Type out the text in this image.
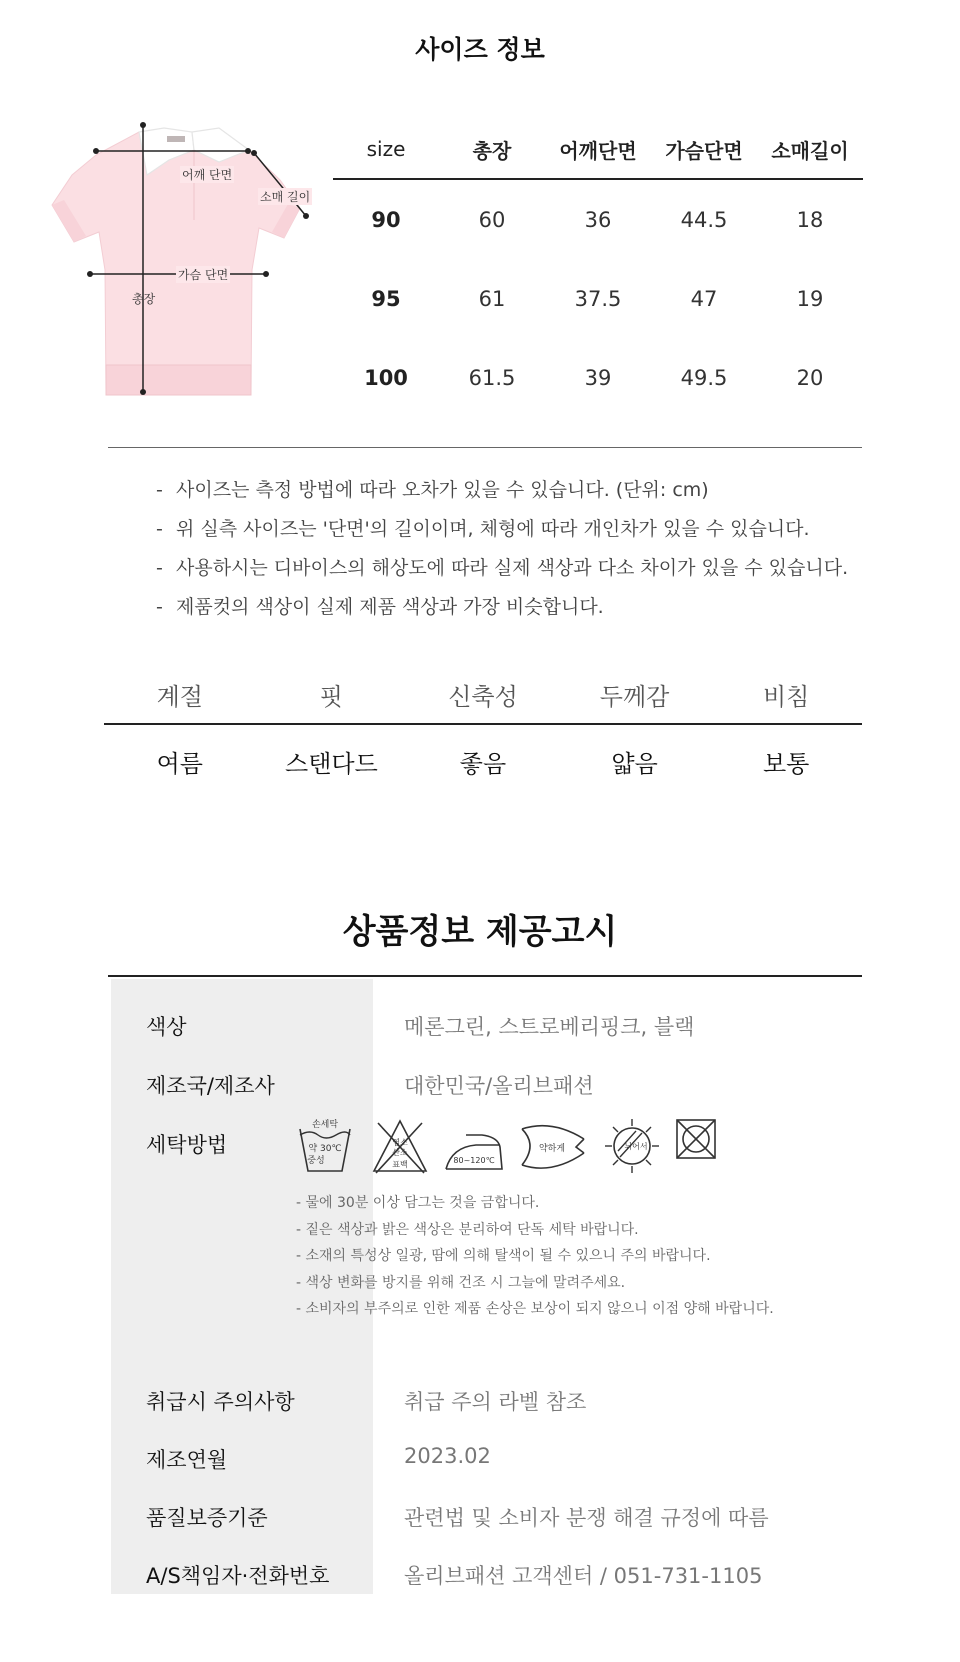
사이즈 정보
어깨 단면
소매 길이
가슴 단면
총장
size	총장	어깨단면	가슴단면	소매길이
90	60	36	44.5	18
95	61	37.5	47	19
100	61.5	39	49.5	20
- 사이즈는 측정 방법에 따라 오차가 있을 수 있습니다. (단위: cm)
- 위 실측 사이즈는 '단면'의 길이이며, 체형에 따라 개인차가 있을 수 있습니다.
- 사용하시는 디바이스의 해상도에 따라 실제 색상과 다소 차이가 있을 수 있습니다.
- 제품컷의 색상이 실제 제품 색상과 가장 비슷합니다.
계절	핏	신축성	두께감	비침
여름	스탠다드	좋음	얇음	보통
상품정보 제공고시
색상	메론그린, 스트로베리핑크, 블랙
제조국/제조사	대한민국/올리브패션
세탁방법
취급시 주의사항	취급 주의 라벨 참조
제조연월	2023.02
품질보증기준	관련법 및 소비자 분쟁 해결 규정에 따름
A/S책임자·전화번호	올리브패션 고객센터 / 051-731-1105
손세탁
약 30℃
중성
염소
산소
표백	80~120℃
약하게	뉘어서
- 물에 30분 이상 담그는 것을 금합니다.
- 짙은 색상과 밝은 색상은 분리하여 단독 세탁 바랍니다.
- 소재의 특성상 일광, 땀에 의해 탈색이 될 수 있으니 주의 바랍니다.
- 색상 변화를 방지를 위해 건조 시 그늘에 말려주세요.
- 소비자의 부주의로 인한 제품 손상은 보상이 되지 않으니 이점 양해 바랍니다.
